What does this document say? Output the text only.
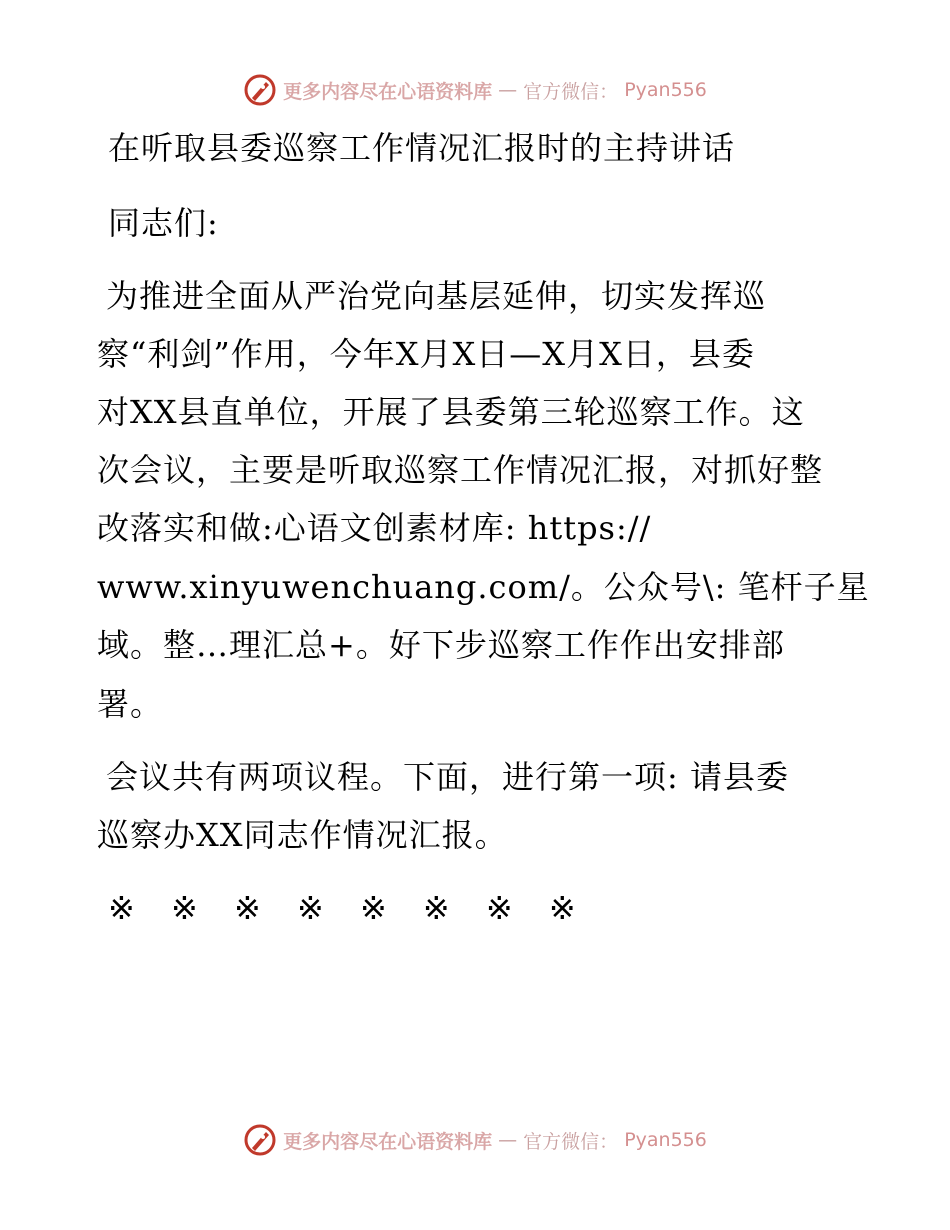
更多内容尽在心语资料库 — 官方微信： Pyan556
在听取县委巡察工作情况汇报时的主持讲话
同志们:
为推进全面从严治党向基层延伸，切实发挥巡
察“利剑”作用，今年X月X日—X月X日，县委
对XX县直单位，开展了县委第三轮巡察工作。这
次会议，主要是听取巡察工作情况汇报，对抓好整
改落实和做:心语文创素材库: https://
www.xinyuwenchuang.com/。公众号\: 笔杆子星
域。整…理汇总+。好下步巡察工作作出安排部
署。
会议共有两项议程。下面，进行第一项: 请县委
巡察办XX同志作情况汇报。
※ ※ ※ ※ ※ ※ ※ ※
更多内容尽在心语资料库 — 官方微信： Pyan556
